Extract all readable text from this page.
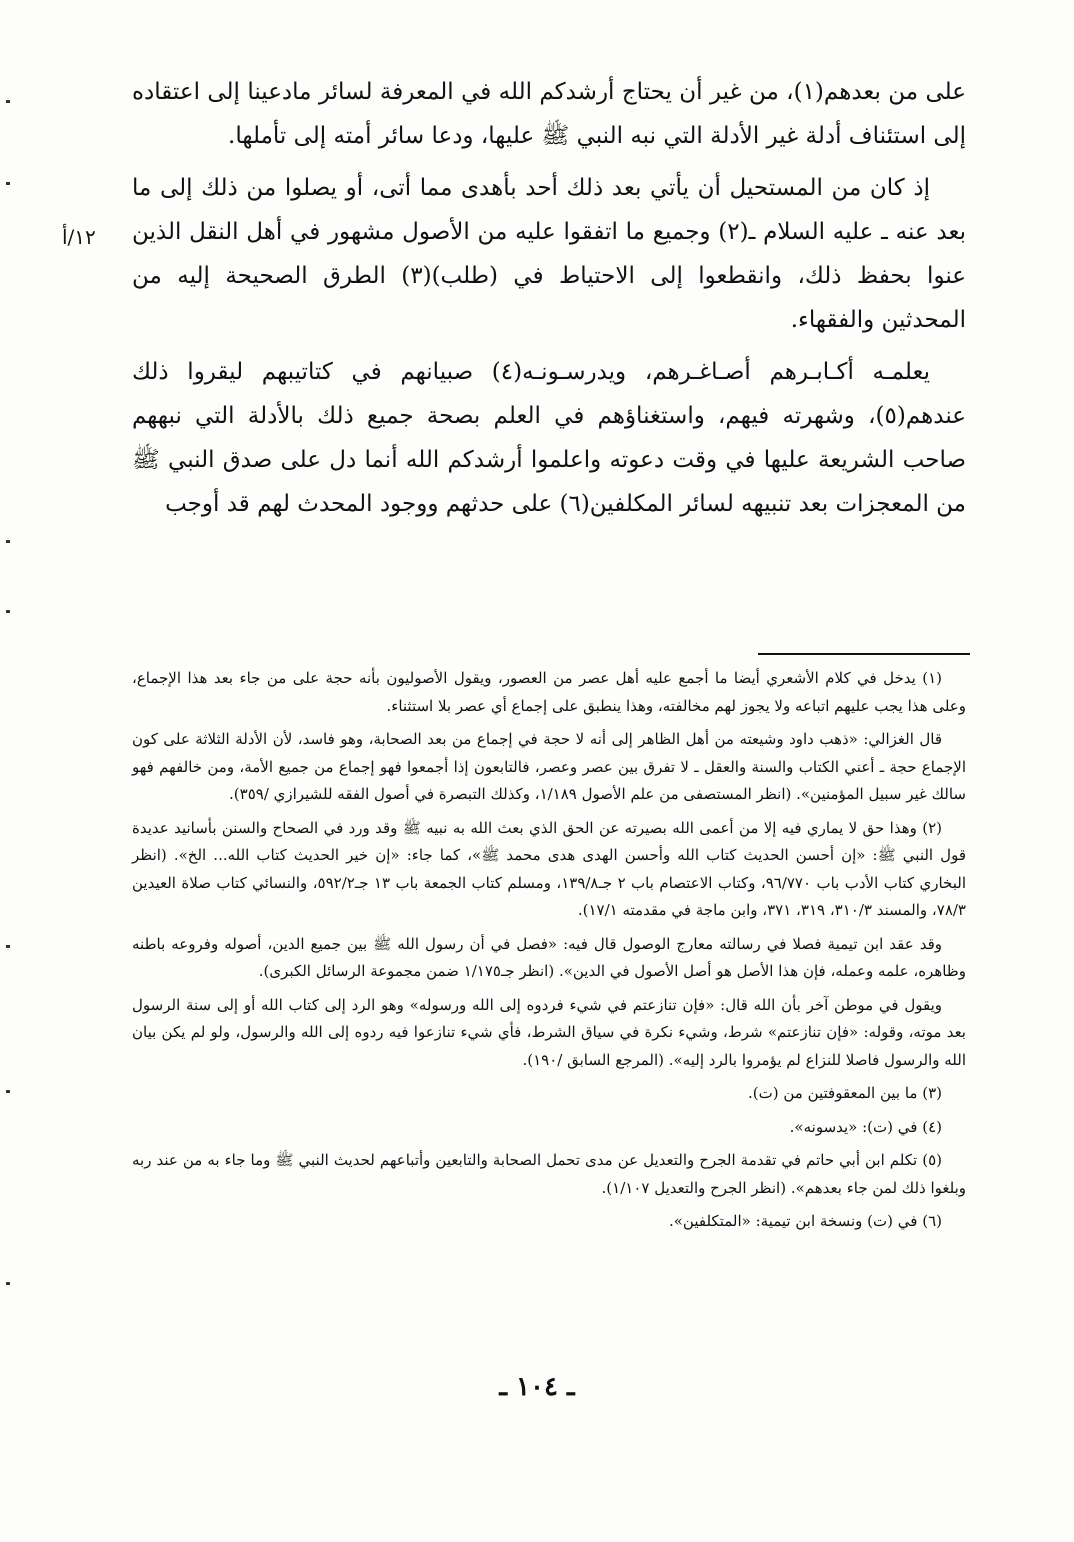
على من بعدهم(١)، من غير أن يحتاج أرشدكم الله في المعرفة لسائر مادعينا إلى اعتقاده إلى استئناف أدلة غير الأدلة التي نبه النبي ﷺ عليها، ودعا سائر أمته إلى تأملها.

إذ كان من المستحيل أن يأتي بعد ذلك أحد بأهدى مما أتى، أو يصلوا من ذلك إلى ما بعد عنه ـ عليه السلام ـ(٢) وجميع ما اتفقوا عليه من الأصول مشهور في أهل النقل الذين عنوا بحفظ ذلك، وانقطعوا إلى الاحتياط في (طلب)(٣) الطرق الصحيحة إليه من المحدثين والفقهاء.

يعلمـه أكـابـرهم أصـاغـرهم، ويدرسـونـه(٤) صبيانهم في كتاتيبهم ليقروا ذلك عندهم(٥)، وشهرته فيهم، واستغناؤهم في العلم بصحة جميع ذلك بالأدلة التي نبههم صاحب الشريعة عليها في وقت دعوته واعلموا أرشدكم الله أنما دل على صدق النبي ﷺ من المعجزات بعد تنبيهه لسائر المكلفين(٦) على حدثهم ووجود المحدث لهم قد أوجب

١٢/أ

(١) يدخل في كلام الأشعري أيضا ما أجمع عليه أهل عصر من العصور، ويقول الأصوليون بأنه حجة على من جاء بعد هذا الإجماع، وعلى هذا يجب عليهم اتباعه ولا يجوز لهم مخالفته، وهذا ينطبق على إجماع أي عصر بلا استثناء.

قال الغزالي: «ذهب داود وشيعته من أهل الظاهر إلى أنه لا حجة في إجماع من بعد الصحابة، وهو فاسد، لأن الأدلة الثلاثة على كون الإجماع حجة ـ أعني الكتاب والسنة والعقل ـ لا تفرق بين عصر وعصر، فالتابعون إذا أجمعوا فهو إجماع من جميع الأمة، ومن خالفهم فهو سالك غير سبيل المؤمنين». (انظر المستصفى من علم الأصول ١/١٨٩، وكذلك التبصرة في أصول الفقه للشيرازي /٣٥٩).

(٢) وهذا حق لا يماري فيه إلا من أعمى الله بصيرته عن الحق الذي بعث الله به نبيه ﷺ وقد ورد في الصحاح والسنن بأسانيد عديدة قول النبي ﷺ: «إن أحسن الحديث كتاب الله وأحسن الهدى هدى محمد ﷺ»، كما جاء: «إن خير الحديث كتاب الله... الخ». (انظر البخاري كتاب الأدب باب ٩٦/٧٧٠، وكتاب الاعتصام باب ٢ جـ١٣٩/٨، ومسلم كتاب الجمعة باب ١٣ جـ٥٩٢/٢، والنسائي كتاب صلاة العيدين ٧٨/٣، والمسند ٣١٠/٣، ٣١٩، ٣٧١، وابن ماجة في مقدمته ١٧/١).

وقد عقد ابن تيمية فصلا في رسالته معارج الوصول قال فيه: «فصل في أن رسول الله ﷺ بين جميع الدين، أصوله وفروعه باطنه وظاهره، علمه وعمله، فإن هذا الأصل هو أصل الأصول في الدين». (انظر جـ١/١٧٥ ضمن مجموعة الرسائل الكبرى).

ويقول في موطن آخر بأن الله قال: «فإن تنازعتم في شيء فردوه إلى الله ورسوله» وهو الرد إلى كتاب الله أو إلى سنة الرسول بعد موته، وقوله: «فإن تنازعتم» شرط، وشيء نكرة في سياق الشرط، فأي شيء تنازعوا فيه ردوه إلى الله والرسول، ولو لم يكن بيان الله والرسول فاصلا للنزاع لم يؤمروا بالرد إليه». (المرجع السابق /١٩٠).

(٣) ما بين المعقوفتين من (ت).

(٤) في (ت): «يدسونه».

(٥) تكلم ابن أبي حاتم في تقدمة الجرح والتعديل عن مدى تحمل الصحابة والتابعين وأتباعهم لحديث النبي ﷺ وما جاء به من عند ربه وبلغوا ذلك لمن جاء بعدهم». (انظر الجرح والتعديل ١/١٠٧).

(٦) في (ت) ونسخة ابن تيمية: «المتكلفين».

ـ ١٠٤ ـ
